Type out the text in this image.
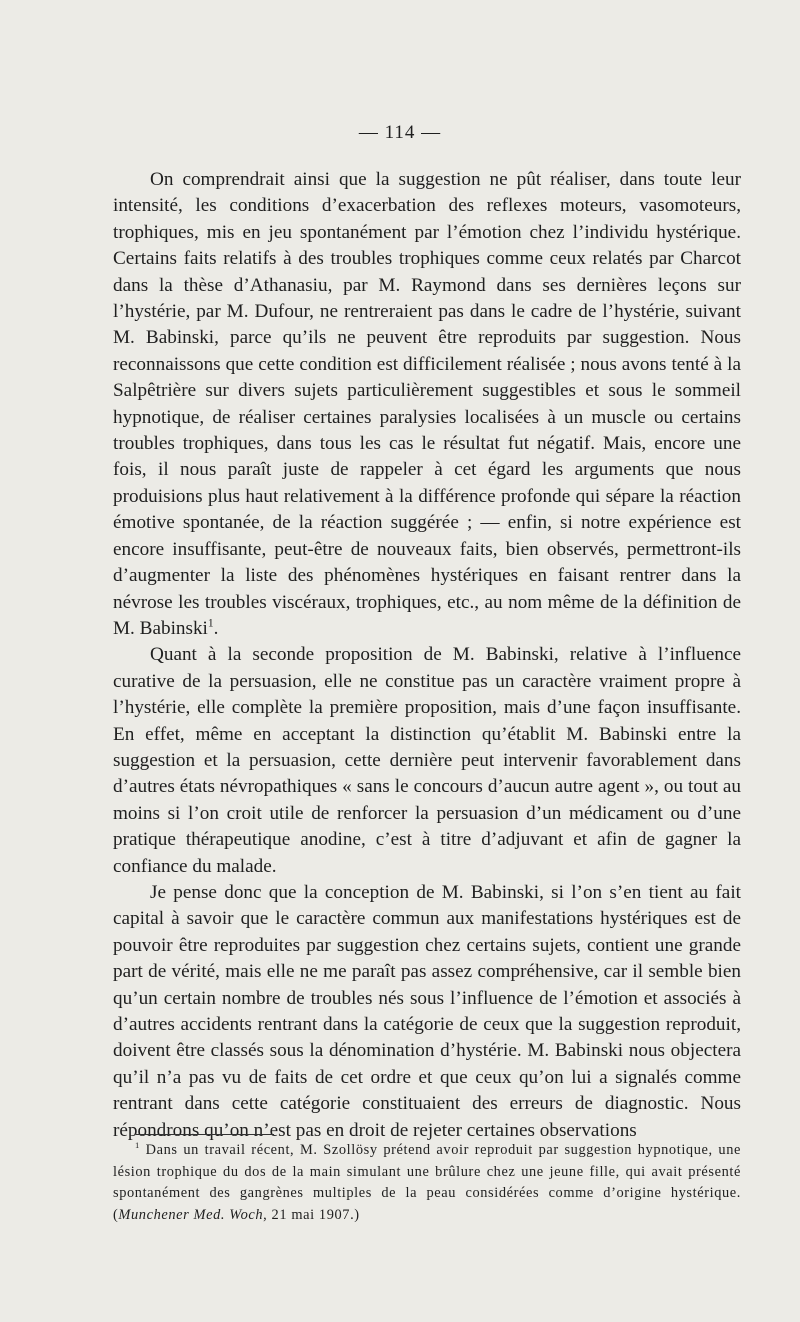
— 114 —

On comprendrait ainsi que la suggestion ne pût réaliser, dans toute leur intensité, les conditions d’exacerbation des reflexes moteurs, vasomoteurs, trophiques, mis en jeu spontanément par l’émotion chez l’individu hystérique. Certains faits relatifs à des troubles trophiques comme ceux relatés par Charcot dans la thèse d’Athanasiu, par M. Raymond dans ses dernières leçons sur l’hystérie, par M. Dufour, ne rentreraient pas dans le cadre de l’hystérie, suivant M. Babinski, parce qu’ils ne peuvent être reproduits par suggestion. Nous reconnaissons que cette condition est difficilement réalisée ; nous avons tenté à la Salpêtrière sur divers sujets particulièrement suggestibles et sous le sommeil hypnotique, de réaliser certaines paralysies localisées à un muscle ou certains troubles trophiques, dans tous les cas le résultat fut négatif. Mais, encore une fois, il nous paraît juste de rappeler à cet égard les arguments que nous produisions plus haut relativement à la différence profonde qui sépare la réaction émotive spontanée, de la réaction suggérée ; — enfin, si notre expérience est encore insuffisante, peut-être de nouveaux faits, bien observés, permettront-ils d’augmenter la liste des phénomènes hystériques en faisant rentrer dans la névrose les troubles viscéraux, trophiques, etc., au nom même de la définition de M. Babinski$^1$.

Quant à la seconde proposition de M. Babinski, relative à l’influence curative de la persuasion, elle ne constitue pas un caractère vraiment propre à l’hystérie, elle complète la première proposition, mais d’une façon insuffisante. En effet, même en acceptant la distinction qu’établit M. Babinski entre la suggestion et la persuasion, cette dernière peut intervenir favorablement dans d’autres états névropathiques « sans le concours d’aucun autre agent », ou tout au moins si l’on croit utile de renforcer la persuasion d’un médicament ou d’une pratique thérapeutique anodine, c’est à titre d’adjuvant et afin de gagner la confiance du malade.

Je pense donc que la conception de M. Babinski, si l’on s’en tient au fait capital à savoir que le caractère commun aux manifestations hystériques est de pouvoir être reproduites par suggestion chez certains sujets, contient une grande part de vérité, mais elle ne me paraît pas assez compréhensive, car il semble bien qu’un certain nombre de troubles nés sous l’influence de l’émotion et associés à d’autres accidents rentrant dans la catégorie de ceux que la suggestion reproduit, doivent être classés sous la dénomination d’hystérie. M. Babinski nous objectera qu’il n’a pas vu de faits de cet ordre et que ceux qu’on lui a signalés comme rentrant dans cette catégorie constituaient des erreurs de diagnostic. Nous répondrons qu’on n’est pas en droit de rejeter certaines observations

$^1$ Dans un travail récent, M. Szollösy prétend avoir reproduit par suggestion hypnotique, une lésion trophique du dos de la main simulant une brûlure chez une jeune fille, qui avait présenté spontanément des gangrènes multiples de la peau considérées comme d’origine hystérique. (Munchener Med. Woch, 21 mai 1907.)
